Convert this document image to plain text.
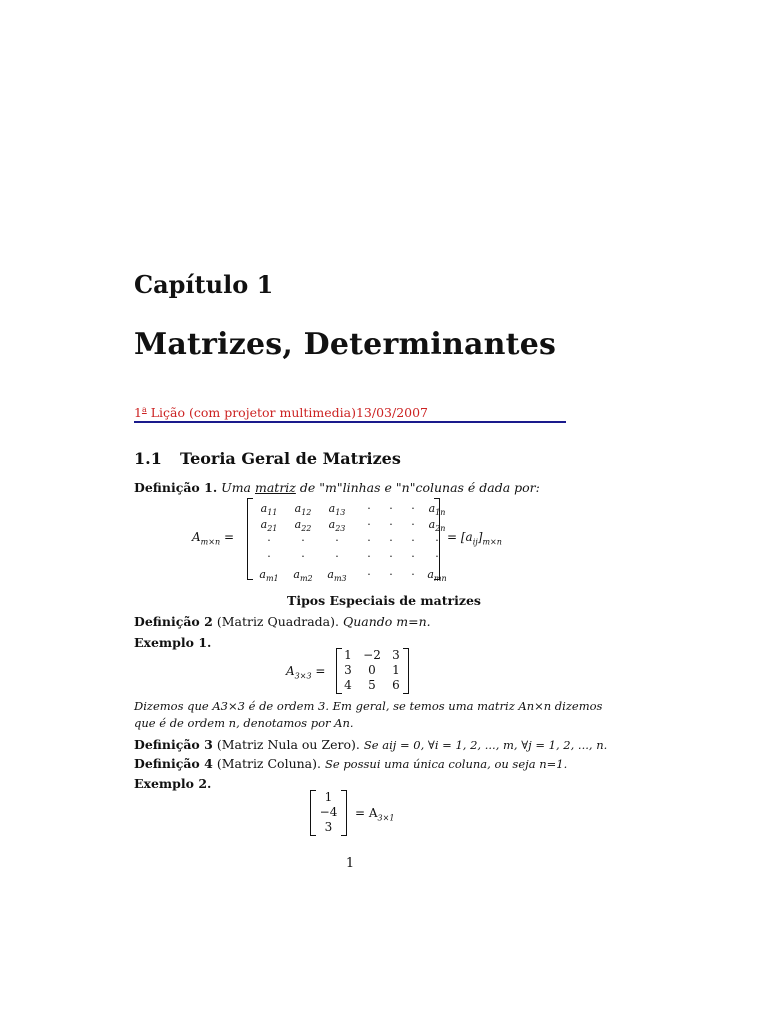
Capítulo 1
Matrizes, Determinantes
1$^a$ Lição (com projetor multimedia)13/03/2007
1.1 Teoria Geral de Matrizes
Definição 1. Uma matriz de "m"linhas e "n"colunas é dada por:
$A_{m\times n}$ =
$a_{11}$	$a_{12}$	$a_{13}$	·	·	·	$a_{1n}$
$a_{21}$	$a_{22}$	$a_{23}$	·	·	·	$a_{2n}$
·	·	·	·	·	·	·
·	·	·	·	·	·	·
$a_{m1}$ $a_{m2}$ $a_{m3}$	·	·	·	$a_{mn}$
= $[a_{ij}]_{m\times n}$
Tipos Especiais de matrizes
Definição 2 (Matriz Quadrada). Quando m=n.
Exemplo 1.
$A_{3\times 3}$ =
1 −2 3
3	0	1
4	5	6
Dizemos que A3×3 é de ordem 3. Em geral, se temos uma matriz An×n dizemos
que é de ordem n, denotamos por An.
Definição 3 (Matriz Nula ou Zero). Se aij = 0, ∀i = 1, 2, ..., m, ∀j = 1, 2, ..., n.
Definição 4 (Matriz Coluna). Se possui uma única coluna, ou seja n=1.
Exemplo 2.
1
−4
3
= $A_{3\times 1}$
1
